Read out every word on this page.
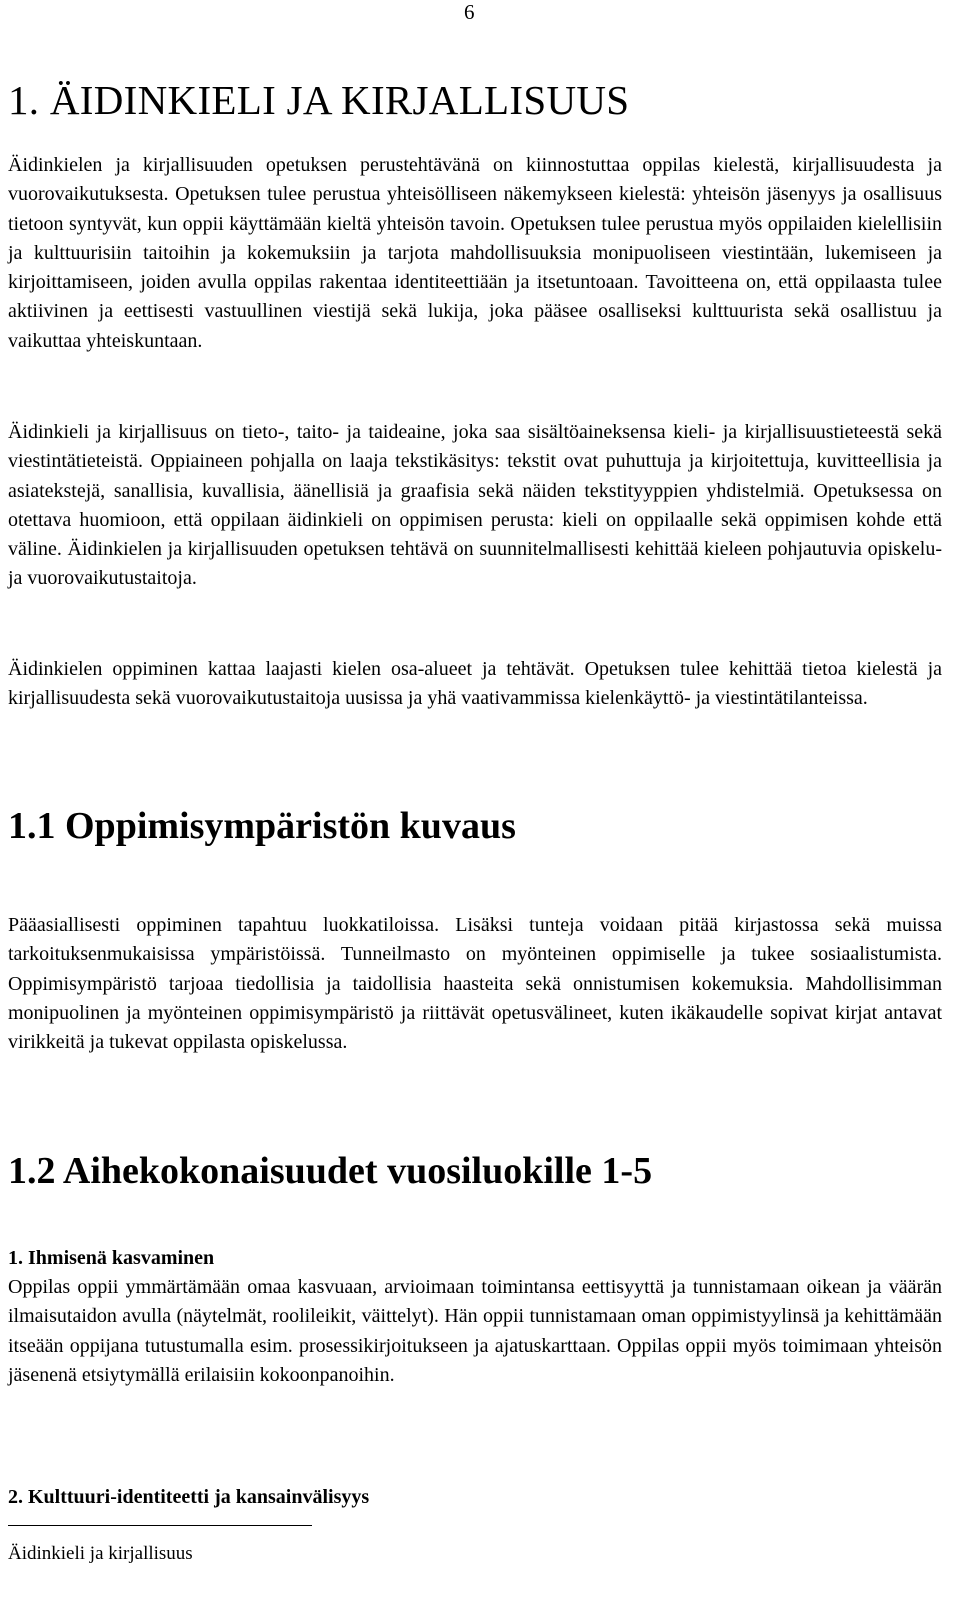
6
1. ÄIDINKIELI JA KIRJALLISUUS

Äidinkielen ja kirjallisuuden opetuksen perustehtävänä on kiinnostuttaa oppilas kielestä, kirjallisuudesta ja vuorovaikutuksesta. Opetuksen tulee perustua yhteisölliseen näkemykseen kielestä: yhteisön jäsenyys ja osallisuus tietoon syntyvät, kun oppii käyttämään kieltä yhteisön tavoin. Opetuksen tulee perustua myös oppilaiden kielellisiin ja kulttuurisiin taitoihin ja kokemuksiin ja tarjota mahdollisuuksia monipuoliseen viestintään, lukemiseen ja kirjoittamiseen, joiden avulla oppilas rakentaa identiteettiään ja itsetuntoaan. Tavoitteena on, että oppilaasta tulee aktiivinen ja eettisesti vastuullinen viestijä sekä lukija, joka pääsee osalliseksi kulttuurista sekä osallistuu ja vaikuttaa yhteiskuntaan.

Äidinkieli ja kirjallisuus on tieto-, taito- ja taideaine, joka saa sisältöaineksensa kieli- ja kirjallisuustieteestä sekä viestintätieteistä. Oppiaineen pohjalla on laaja tekstikäsitys: tekstit ovat puhuttuja ja kirjoitettuja, kuvitteellisia ja asiatekstejä, sanallisia, kuvallisia, äänellisiä ja graafisia sekä näiden tekstityyppien yhdistelmiä. Opetuksessa on otettava huomioon, että oppilaan äidinkieli on oppimisen perusta: kieli on oppilaalle sekä oppimisen kohde että väline. Äidinkielen ja kirjallisuuden opetuksen tehtävä on suunnitelmallisesti kehittää kieleen pohjautuvia opiskelu- ja vuorovaikutustaitoja.

Äidinkielen oppiminen kattaa laajasti kielen osa-alueet ja tehtävät. Opetuksen tulee kehittää tietoa kielestä ja kirjallisuudesta sekä vuorovaikutustaitoja uusissa ja yhä vaativammissa kielenkäyttö- ja viestintätilanteissa.

1.1 Oppimisympäristön kuvaus

Pääasiallisesti oppiminen tapahtuu luokkatiloissa. Lisäksi tunteja voidaan pitää kirjastossa sekä muissa tarkoituksenmukaisissa ympäristöissä. Tunneilmasto on myönteinen oppimiselle ja tukee sosiaalistumista. Oppimisympäristö tarjoaa tiedollisia ja taidollisia haasteita sekä onnistumisen kokemuksia. Mahdollisimman monipuolinen ja myönteinen oppimisympäristö ja riittävät opetusvälineet, kuten ikäkaudelle sopivat kirjat antavat virikkeitä ja tukevat oppilasta opiskelussa.

1.2 Aihekokonaisuudet vuosiluokille 1-5
1. Ihmisenä kasvaminen

Oppilas oppii ymmärtämään omaa kasvuaan, arvioimaan toimintansa eettisyyttä ja tunnistamaan oikean ja väärän ilmaisutaidon avulla (näytelmät, roolileikit, väittelyt). Hän oppii tunnistamaan oman oppimistyylinsä ja kehittämään itseään oppijana tutustumalla esim. prosessikirjoitukseen ja ajatuskarttaan. Oppilas oppii myös toimimaan yhteisön jäsenenä etsiytymällä erilaisiin kokoonpanoihin.

2. Kulttuuri-identiteetti ja kansainvälisyys
Äidinkieli ja kirjallisuus
